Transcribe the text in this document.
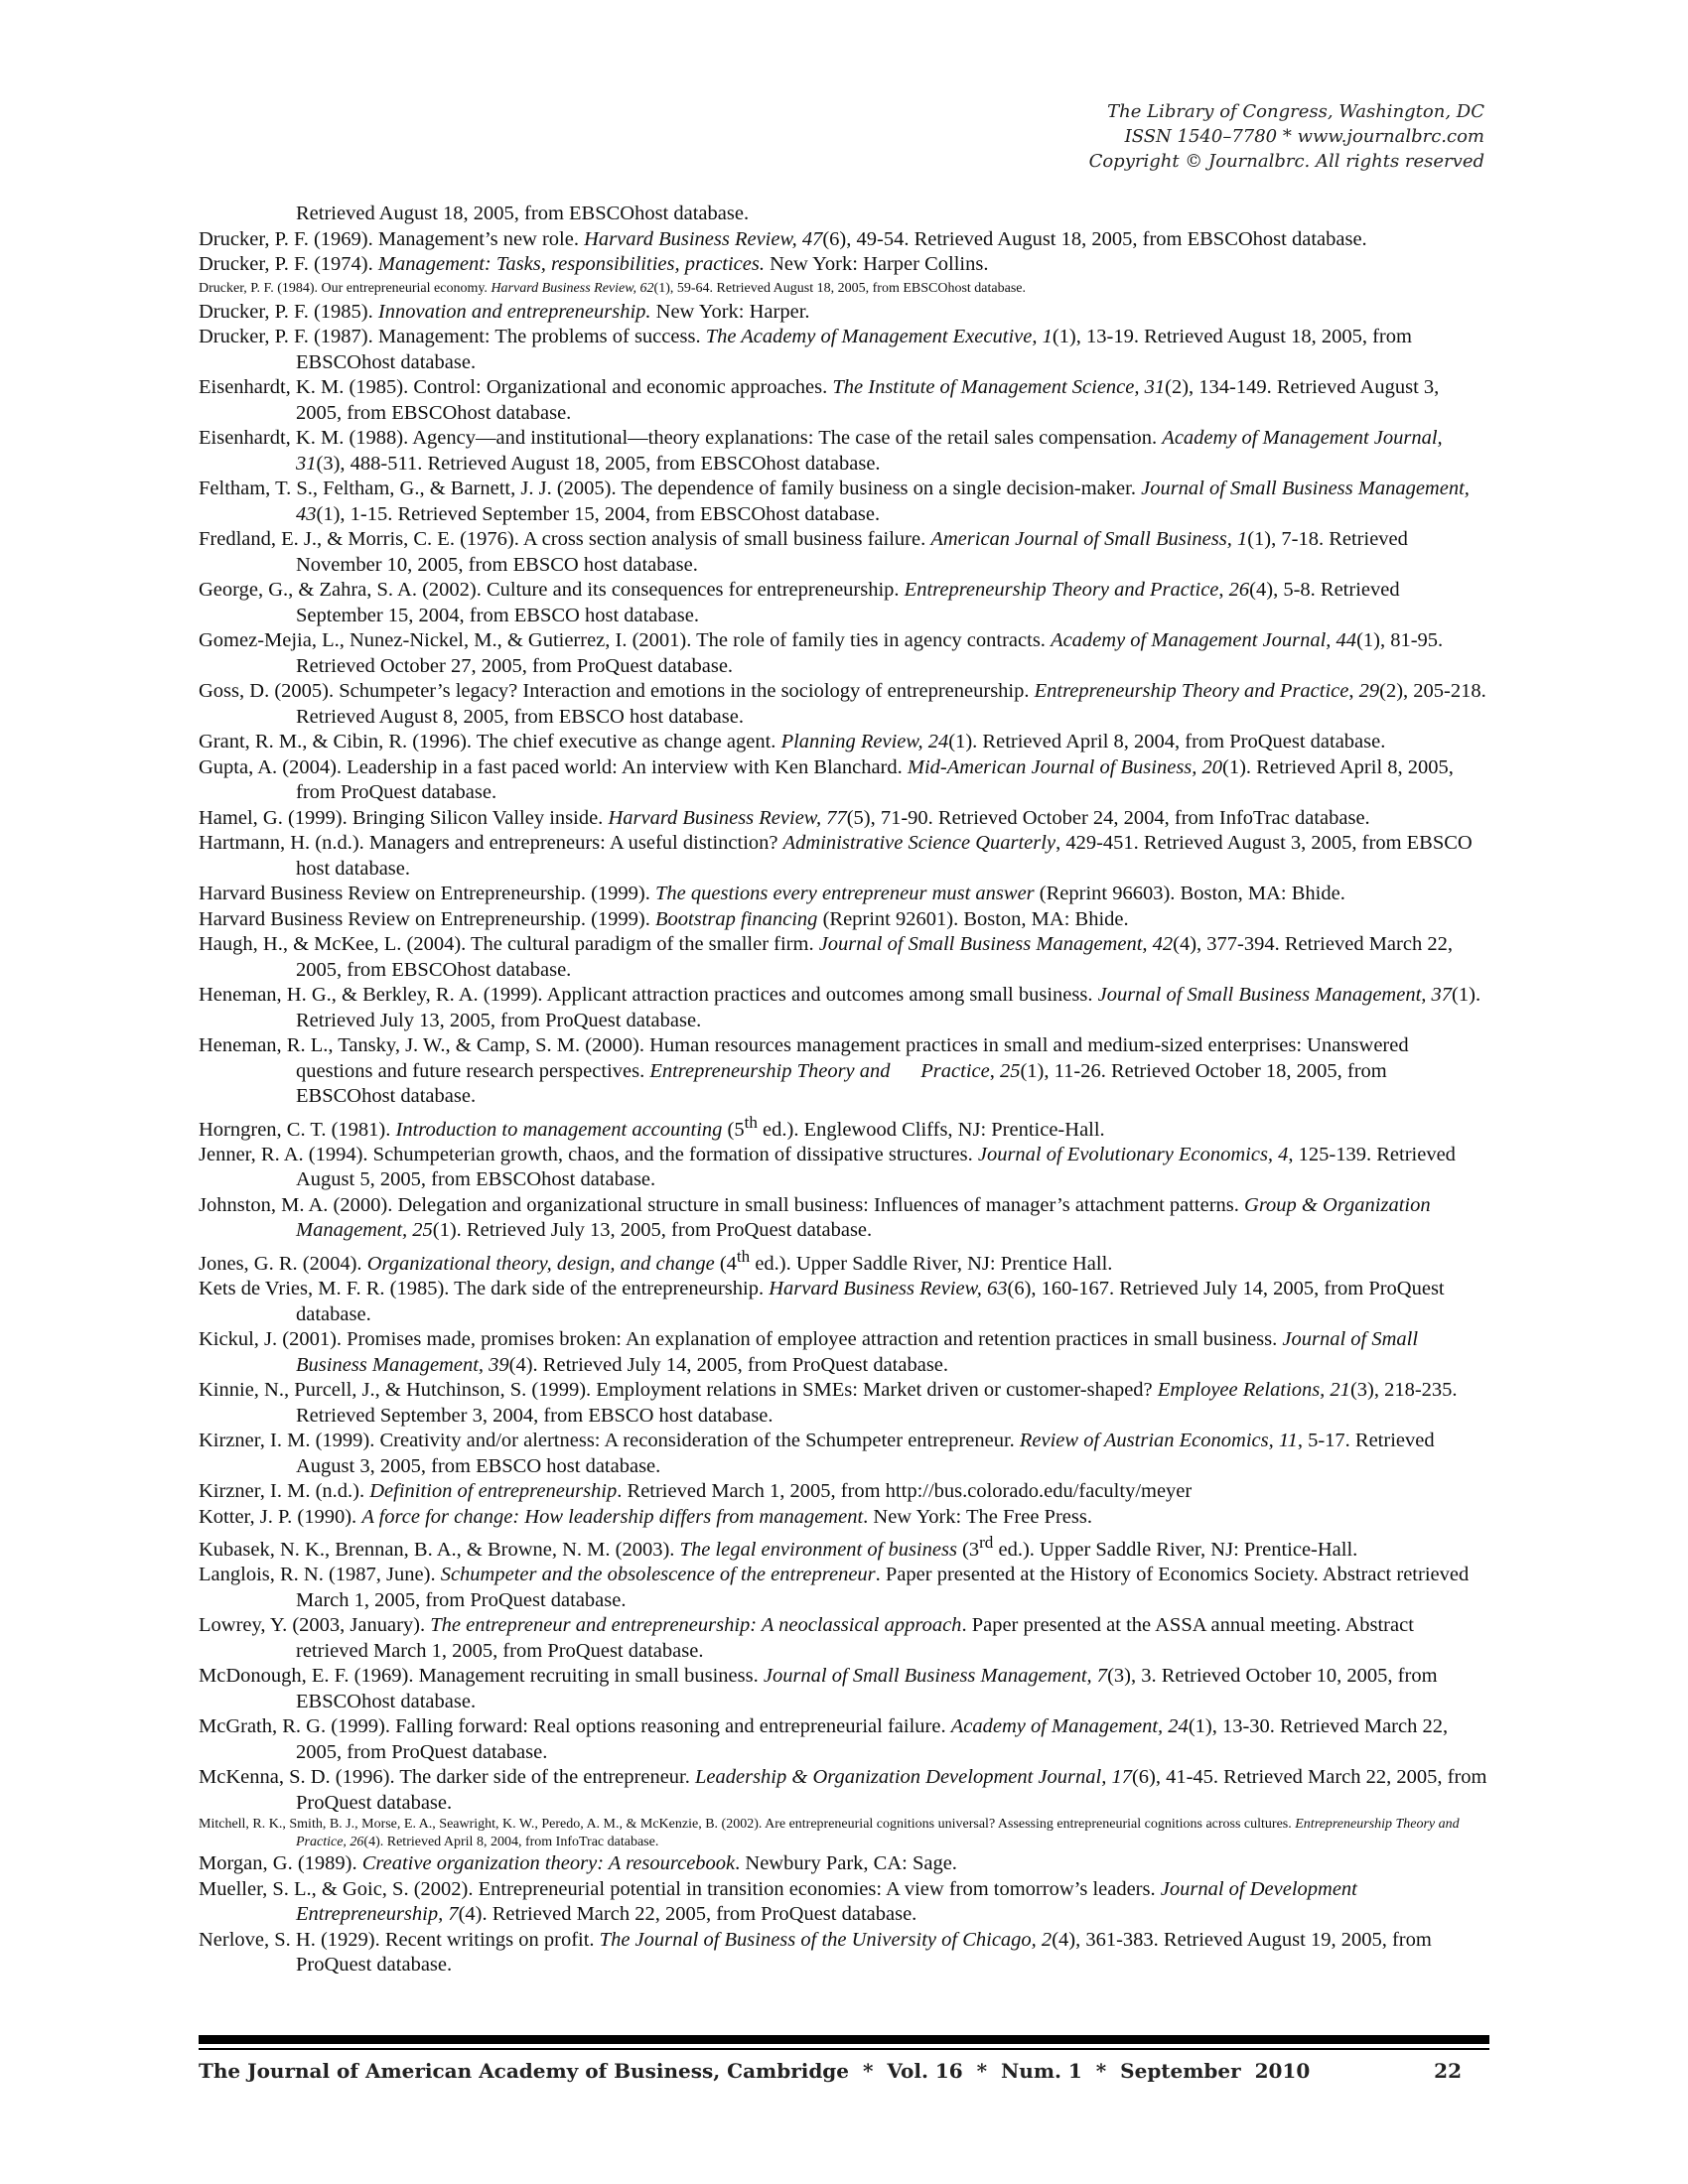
The Library of Congress, Washington, DC
ISSN 1540–7780 * www.journalbrc.com
Copyright © Journalbrc. All rights reserved

Retrieved August 18, 2005, from EBSCOhost database.

Drucker, P. F. (1969). Management’s new role. Harvard Business Review, 47(6), 49-54. Retrieved August 18, 2005, from EBSCOhost database.

Drucker, P. F. (1974). Management: Tasks, responsibilities, practices. New York: Harper Collins.

Drucker, P. F. (1984). Our entrepreneurial economy. Harvard Business Review, 62(1), 59-64. Retrieved August 18, 2005, from EBSCOhost database.

Drucker, P. F. (1985). Innovation and entrepreneurship. New York: Harper.

Drucker, P. F. (1987). Management: The problems of success. The Academy of Management Executive, 1(1), 13-19. Retrieved August 18, 2005, from EBSCOhost database.

Eisenhardt, K. M. (1985). Control: Organizational and economic approaches. The Institute of Management Science, 31(2), 134-149. Retrieved August 3, 2005, from EBSCOhost database.

Eisenhardt, K. M. (1988). Agency—and institutional—theory explanations: The case of the retail sales compensation. Academy of Management Journal, 31(3), 488-511. Retrieved August 18, 2005, from EBSCOhost database.

Feltham, T. S., Feltham, G., & Barnett, J. J. (2005). The dependence of family business on a single decision-maker. Journal of Small Business Management, 43(1), 1-15. Retrieved September 15, 2004, from EBSCOhost database.

Fredland, E. J., & Morris, C. E. (1976). A cross section analysis of small business failure. American Journal of Small Business, 1(1), 7-18. Retrieved November 10, 2005, from EBSCO host database.

George, G., & Zahra, S. A. (2002). Culture and its consequences for entrepreneurship. Entrepreneurship Theory and Practice, 26(4), 5-8. Retrieved September 15, 2004, from EBSCO host database.

Gomez-Mejia, L., Nunez-Nickel, M., & Gutierrez, I. (2001). The role of family ties in agency contracts. Academy of Management Journal, 44(1), 81-95. Retrieved October 27, 2005, from ProQuest database.

Goss, D. (2005). Schumpeter’s legacy? Interaction and emotions in the sociology of entrepreneurship. Entrepreneurship Theory and Practice, 29(2), 205-218. Retrieved August 8, 2005, from EBSCO host database.

Grant, R. M., & Cibin, R. (1996). The chief executive as change agent. Planning Review, 24(1). Retrieved April 8, 2004, from ProQuest database.

Gupta, A. (2004). Leadership in a fast paced world: An interview with Ken Blanchard. Mid-American Journal of Business, 20(1). Retrieved April 8, 2005, from ProQuest database.

Hamel, G. (1999). Bringing Silicon Valley inside. Harvard Business Review, 77(5), 71-90. Retrieved October 24, 2004, from InfoTrac database.

Hartmann, H. (n.d.). Managers and entrepreneurs: A useful distinction? Administrative Science Quarterly, 429-451. Retrieved August 3, 2005, from EBSCO host database.

Harvard Business Review on Entrepreneurship. (1999). The questions every entrepreneur must answer (Reprint 96603). Boston, MA: Bhide.

Harvard Business Review on Entrepreneurship. (1999). Bootstrap financing (Reprint 92601). Boston, MA: Bhide.

Haugh, H., & McKee, L. (2004). The cultural paradigm of the smaller firm. Journal of Small Business Management, 42(4), 377-394. Retrieved March 22, 2005, from EBSCOhost database.

Heneman, H. G., & Berkley, R. A. (1999). Applicant attraction practices and outcomes among small business. Journal of Small Business Management, 37(1). Retrieved July 13, 2005, from ProQuest database.

Heneman, R. L., Tansky, J. W., & Camp, S. M. (2000). Human resources management practices in small and medium-sized enterprises: Unanswered questions and future research perspectives. Entrepreneurship Theory and      Practice, 25(1), 11-26. Retrieved October 18, 2005, from EBSCOhost database.

Horngren, C. T. (1981). Introduction to management accounting (5th ed.). Englewood Cliffs, NJ: Prentice-Hall.

Jenner, R. A. (1994). Schumpeterian growth, chaos, and the formation of dissipative structures. Journal of Evolutionary Economics, 4, 125-139. Retrieved August 5, 2005, from EBSCOhost database.

Johnston, M. A. (2000). Delegation and organizational structure in small business: Influences of manager’s attachment patterns. Group & Organization Management, 25(1). Retrieved July 13, 2005, from ProQuest database.

Jones, G. R. (2004). Organizational theory, design, and change (4th ed.). Upper Saddle River, NJ: Prentice Hall.

Kets de Vries, M. F. R. (1985). The dark side of the entrepreneurship. Harvard Business Review, 63(6), 160-167. Retrieved July 14, 2005, from ProQuest database.

Kickul, J. (2001). Promises made, promises broken: An explanation of employee attraction and retention practices in small business. Journal of Small Business Management, 39(4). Retrieved July 14, 2005, from ProQuest database.

Kinnie, N., Purcell, J., & Hutchinson, S. (1999). Employment relations in SMEs: Market driven or customer-shaped? Employee Relations, 21(3), 218-235. Retrieved September 3, 2004, from EBSCO host database.

Kirzner, I. M. (1999). Creativity and/or alertness: A reconsideration of the Schumpeter entrepreneur. Review of Austrian Economics, 11, 5-17. Retrieved August 3, 2005, from EBSCO host database.

Kirzner, I. M. (n.d.). Definition of entrepreneurship. Retrieved March 1, 2005, from http://bus.colorado.edu/faculty/meyer

Kotter, J. P. (1990). A force for change: How leadership differs from management. New York: The Free Press.

Kubasek, N. K., Brennan, B. A., & Browne, N. M. (2003). The legal environment of business (3rd ed.). Upper Saddle River, NJ: Prentice-Hall.

Langlois, R. N. (1987, June). Schumpeter and the obsolescence of the entrepreneur. Paper presented at the History of Economics Society. Abstract retrieved March 1, 2005, from ProQuest database.

Lowrey, Y. (2003, January). The entrepreneur and entrepreneurship: A neoclassical approach. Paper presented at the ASSA annual meeting. Abstract retrieved March 1, 2005, from ProQuest database.

McDonough, E. F. (1969). Management recruiting in small business. Journal of Small Business Management, 7(3), 3. Retrieved October 10, 2005, from EBSCOhost database.

McGrath, R. G. (1999). Falling forward: Real options reasoning and entrepreneurial failure. Academy of Management, 24(1), 13-30. Retrieved March 22, 2005, from ProQuest database.

McKenna, S. D. (1996). The darker side of the entrepreneur. Leadership & Organization Development Journal, 17(6), 41-45. Retrieved March 22, 2005, from ProQuest database.

Mitchell, R. K., Smith, B. J., Morse, E. A., Seawright, K. W., Peredo, A. M., & McKenzie, B. (2002). Are entrepreneurial cognitions universal? Assessing entrepreneurial cognitions across cultures. Entrepreneurship Theory and Practice, 26(4). Retrieved April 8, 2004, from InfoTrac database.

Morgan, G. (1989). Creative organization theory: A resourcebook. Newbury Park, CA: Sage.

Mueller, S. L., & Goic, S. (2002). Entrepreneurial potential in transition economies: A view from tomorrow’s leaders. Journal of Development Entrepreneurship, 7(4). Retrieved March 22, 2005, from ProQuest database.

Nerlove, S. H. (1929). Recent writings on profit. The Journal of Business of the University of Chicago, 2(4), 361-383. Retrieved August 19, 2005, from ProQuest database.

The Journal of American Academy of Business, Cambridge  *  Vol. 16  *  Num. 1  *  September  2010	22
